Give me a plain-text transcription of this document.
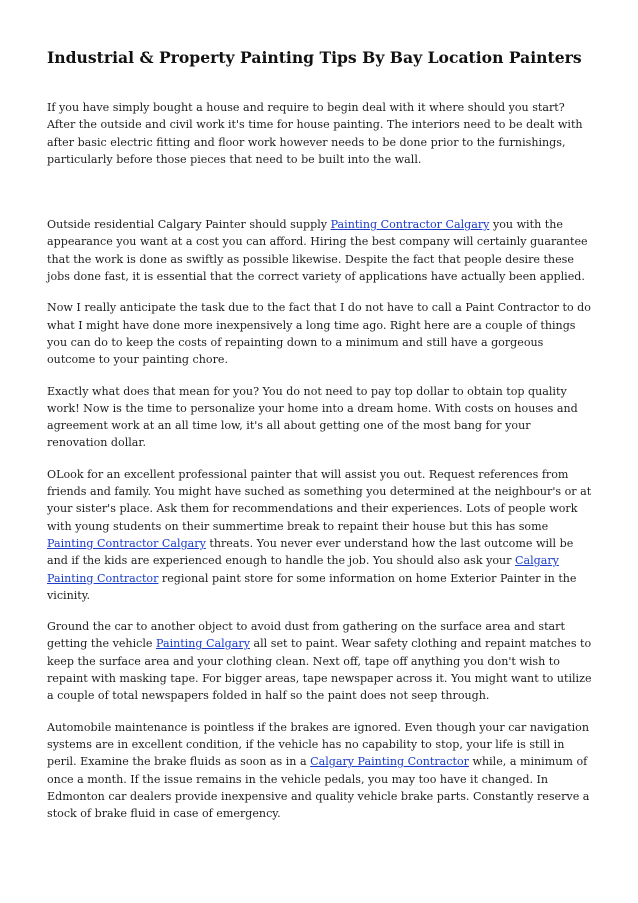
Industrial & Property Painting Tips By Bay Location Painters

If you have simply bought a house and require to begin deal with it where should you start? After the outside and civil work it's time for house painting. The interiors need to be dealt with after basic electric fitting and floor work however needs to be done prior to the furnishings, particularly before those pieces that need to be built into the wall.

Outside residential Calgary Painter should supply Painting Contractor Calgary you with the appearance you want at a cost you can afford. Hiring the best company will certainly guarantee that the work is done as swiftly as possible likewise. Despite the fact that people desire these jobs done fast, it is essential that the correct variety of applications have actually been applied.

Now I really anticipate the task due to the fact that I do not have to call a Paint Contractor to do what I might have done more inexpensively a long time ago. Right here are a couple of things you can do to keep the costs of repainting down to a minimum and still have a gorgeous outcome to your painting chore.

Exactly what does that mean for you? You do not need to pay top dollar to obtain top quality work! Now is the time to personalize your home into a dream home. With costs on houses and agreement work at an all time low, it's all about getting one of the most bang for your renovation dollar.

OLook for an excellent professional painter that will assist you out. Request references from friends and family. You might have suched as something you determined at the neighbour's or at your sister's place. Ask them for recommendations and their experiences. Lots of people work with young students on their summertime break to repaint their house but this has some Painting Contractor Calgary threats. You never ever understand how the last outcome will be and if the kids are experienced enough to handle the job. You should also ask your Calgary Painting Contractor regional paint store for some information on home Exterior Painter in the vicinity.

Ground the car to another object to avoid dust from gathering on the surface area and start getting the vehicle Painting Calgary all set to paint. Wear safety clothing and repaint matches to keep the surface area and your clothing clean. Next off, tape off anything you don't wish to repaint with masking tape. For bigger areas, tape newspaper across it. You might want to utilize a couple of total newspapers folded in half so the paint does not seep through.

Automobile maintenance is pointless if the brakes are ignored. Even though your car navigation systems are in excellent condition, if the vehicle has no capability to stop, your life is still in peril. Examine the brake fluids as soon as in a Calgary Painting Contractor while, a minimum of once a month. If the issue remains in the vehicle pedals, you may too have it changed. In Edmonton car dealers provide inexpensive and quality vehicle brake parts. Constantly reserve a stock of brake fluid in case of emergency.
